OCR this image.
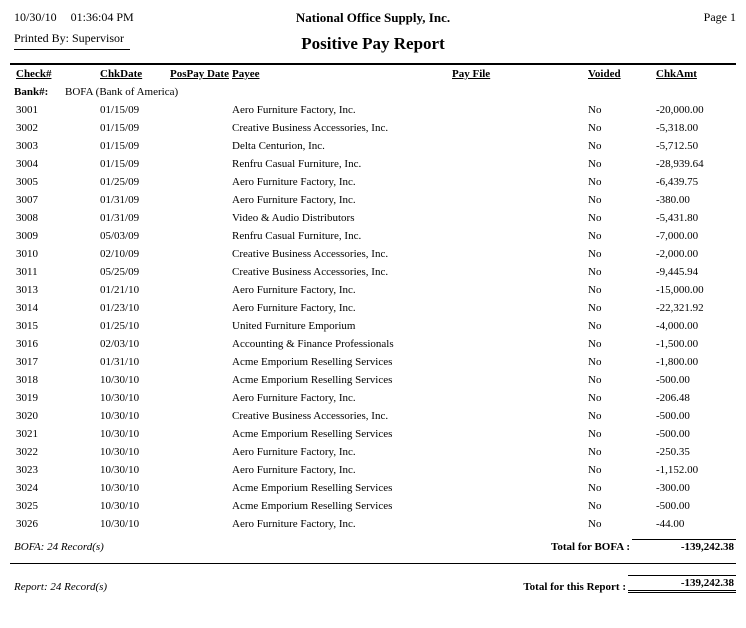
10/30/10 01:36:04 PM
Printed By: Supervisor
National Office Supply, Inc.
Positive Pay Report
Page 1
Check#	ChkDate	PosPay Date	Payee	Pay File	Voided	ChkAmt
Bank#: BOFA (Bank of America)						
3001	01/15/09		Aero Furniture Factory, Inc.		No	-20,000.00
3002	01/15/09		Creative Business Accessories, Inc.		No	-5,318.00
3003	01/15/09		Delta Centurion, Inc.		No	-5,712.50
3004	01/15/09		Renfru Casual Furniture, Inc.		No	-28,939.64
3005	01/25/09		Aero Furniture Factory, Inc.		No	-6,439.75
3007	01/31/09		Aero Furniture Factory, Inc.		No	-380.00
3008	01/31/09		Video & Audio Distributors		No	-5,431.80
3009	05/03/09		Renfru Casual Furniture, Inc.		No	-7,000.00
3010	02/10/09		Creative Business Accessories, Inc.		No	-2,000.00
3011	05/25/09		Creative Business Accessories, Inc.		No	-9,445.94
3013	01/21/10		Aero Furniture Factory, Inc.		No	-15,000.00
3014	01/23/10		Aero Furniture Factory, Inc.		No	-22,321.92
3015	01/25/10		United Furniture Emporium		No	-4,000.00
3016	02/03/10		Accounting & Finance Professionals		No	-1,500.00
3017	01/31/10		Acme Emporium Reselling Services		No	-1,800.00
3018	10/30/10		Acme Emporium Reselling Services		No	-500.00
3019	10/30/10		Aero Furniture Factory, Inc.		No	-206.48
3020	10/30/10		Creative Business Accessories, Inc.		No	-500.00
3021	10/30/10		Acme Emporium Reselling Services		No	-500.00
3022	10/30/10		Aero Furniture Factory, Inc.		No	-250.35
3023	10/30/10		Aero Furniture Factory, Inc.		No	-1,152.00
3024	10/30/10		Acme Emporium Reselling Services		No	-300.00
3025	10/30/10		Acme Emporium Reselling Services		No	-500.00
3026	10/30/10		Aero Furniture Factory, Inc.		No	-44.00
BOFA: 24 Record(s)	Total for BOFA :	-139,242.38
Report: 24 Record(s)	Total for this Report :	-139,242.38
